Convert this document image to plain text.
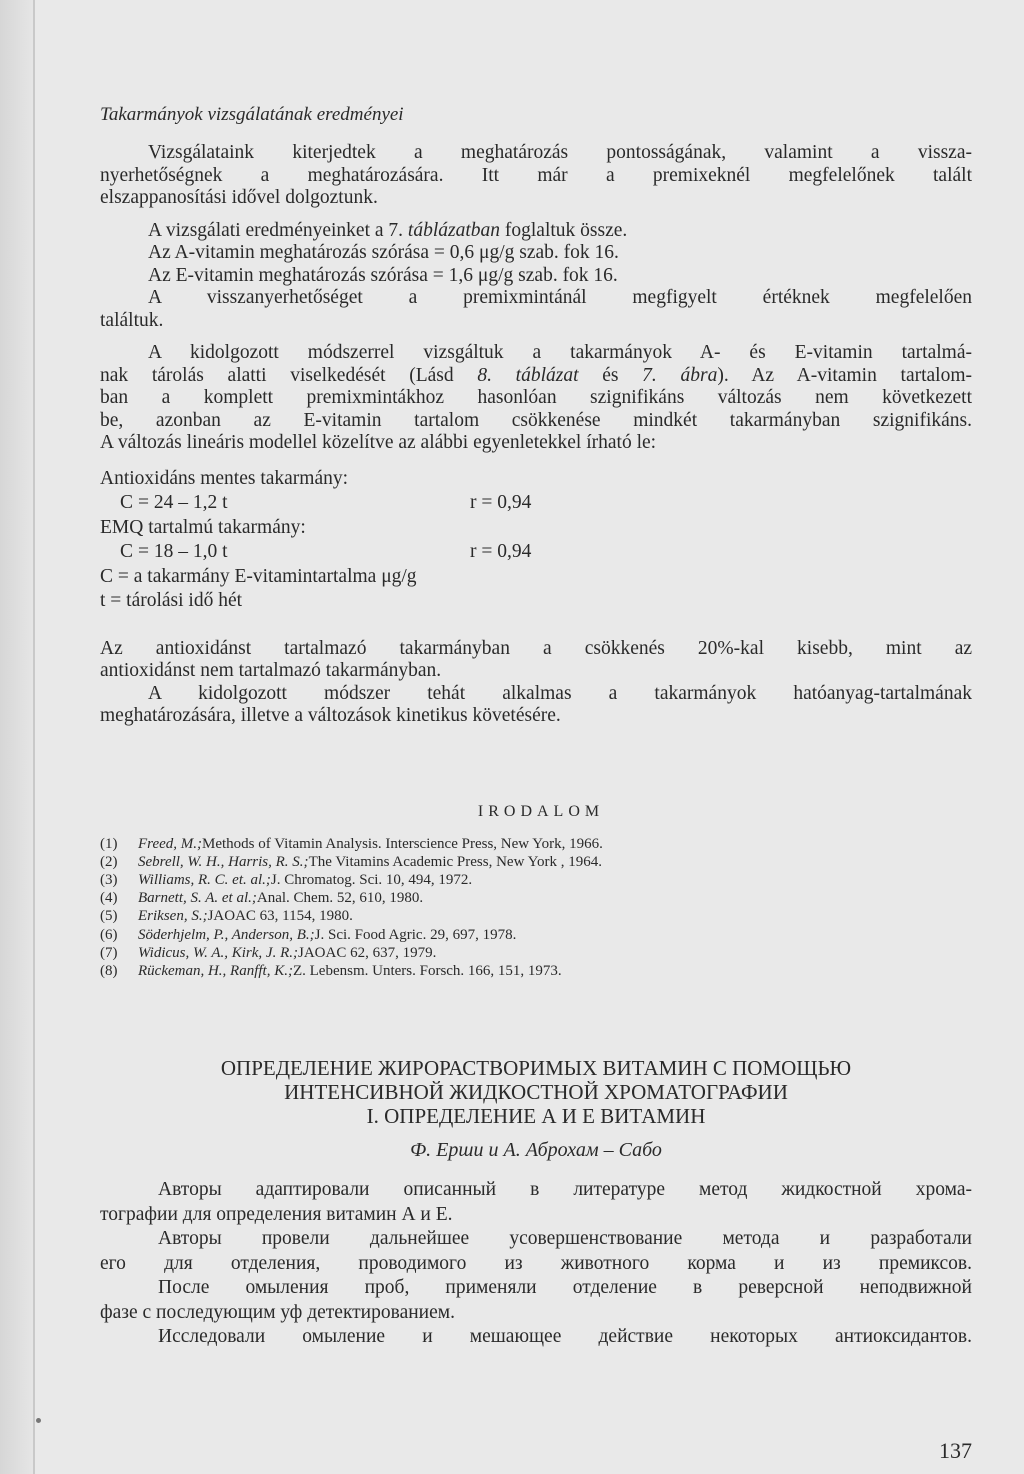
Takarmányok vizsgálatának eredményei
Vizsgálataink kiterjedtek a meghatározás pontosságának, valamint a vissza-
nyerhetőségnek a meghatározására. Itt már a premixeknél megfelelőnek talált
elszappanosítási idővel dolgoztunk.
A vizsgálati eredményeinket a 7. táblázatban foglaltuk össze.
Az A-vitamin meghatározás szórása = 0,6 μg/g szab. fok 16.
Az E-vitamin meghatározás szórása = 1,6 μg/g szab. fok 16.
A visszanyerhetőséget a premixmintánál megfigyelt értéknek megfelelően
találtuk.
A kidolgozott módszerrel vizsgáltuk a takarmányok A- és E-vitamin tartalmá-
nak tárolás alatti viselkedését (Lásd 8. táblázat és 7. ábra). Az A-vitamin tartalom-
ban a komplett premixmintákhoz hasonlóan szignifikáns változás nem következett
be, azonban az E-vitamin tartalom csökkenése mindkét takarmányban szignifikáns.
A változás lineáris modellel közelítve az alábbi egyenletekkel írható le:
Antioxidáns mentes takarmány:
C = 24 – 1,2 t	r = 0,94
EMQ tartalmú takarmány:
C = 18 – 1,0 t	r = 0,94
C = a takarmány E-vitamintartalma μg/g
t = tárolási idő hét
Az antioxidánst tartalmazó takarmányban a csökkenés 20%-kal kisebb, mint az
antioxidánst nem tartalmazó takarmányban.
A kidolgozott módszer tehát alkalmas a takarmányok hatóanyag-tartalmának
meghatározására, illetve a változások kinetikus követésére.
IRODALOM
(1)	Freed, M.; Methods of Vitamin Analysis. Interscience Press, New York, 1966.
(2)	Sebrell, W. H., Harris, R. S.; The Vitamins Academic Press, New York , 1964.
(3)	Williams, R. C. et. al.; J. Chromatog. Sci. 10, 494, 1972.
(4)	Barnett, S. A. et al.; Anal. Chem. 52, 610, 1980.
(5)	Eriksen, S.; JAOAC 63, 1154, 1980.
(6)	Söderhjelm, P., Anderson, B.; J. Sci. Food Agric. 29, 697, 1978.
(7)	Widicus, W. A., Kirk, J. R.; JAOAC 62, 637, 1979.
(8)	Rückeman, H., Ranfft, K.; Z. Lebensm. Unters. Forsch. 166, 151, 1973.
ОПРЕДЕЛЕНИЕ ЖИРОРАСТВОРИМЫХ ВИТАМИН С ПОМОЩЬЮ
ИНТЕНСИВНОЙ ЖИДКОСТНОЙ ХРОМАТОГРАФИИ
I. ОПРЕДЕЛЕНИЕ А И Е ВИТАМИН
Ф. Ерши и А. Аброхам – Сабо
Авторы адаптировали описанный в литературе метод жидкостной хрома-
тографии для определения витамин А и Е.
Авторы провели дальнейшее усовершенствование метода и разработали
его для отделения, проводимого из животного корма и из премиксов.
После омыления проб, применяли отделение в реверсной неподвижной
фазе с последующим уф детектированием.
Исследовали омыление и мешающее действие некоторых антиоксидантов.
137
